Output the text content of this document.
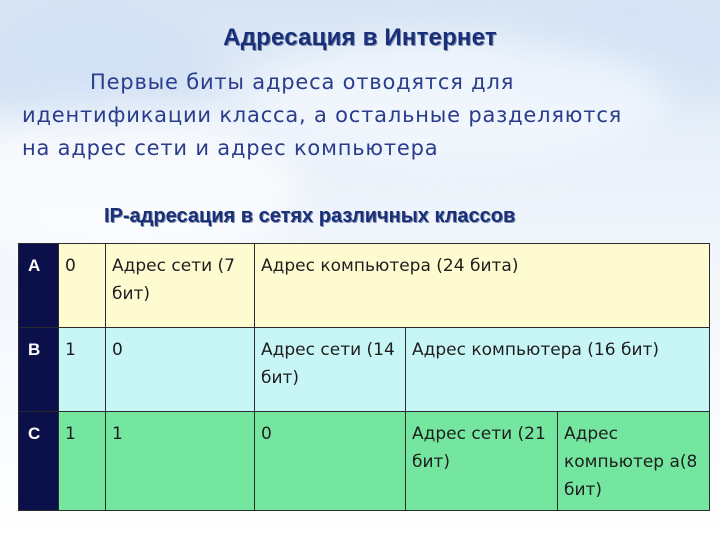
Адресация в Интернет
Первые биты адреса отводятся для идентификации класса, а остальные разделяются на адрес сети и адрес компьютера
IP-адресация в сетях различных классов
A	0	Адрес сети (7 бит)	Адрес компьютера (24 бита)		
B	1	0	Адрес сети (14 бит)	Адрес компьютера (16 бит)	
C	1	1	0	Адрес сети (21 бит)	Адрес компьютер а(8 бит)
